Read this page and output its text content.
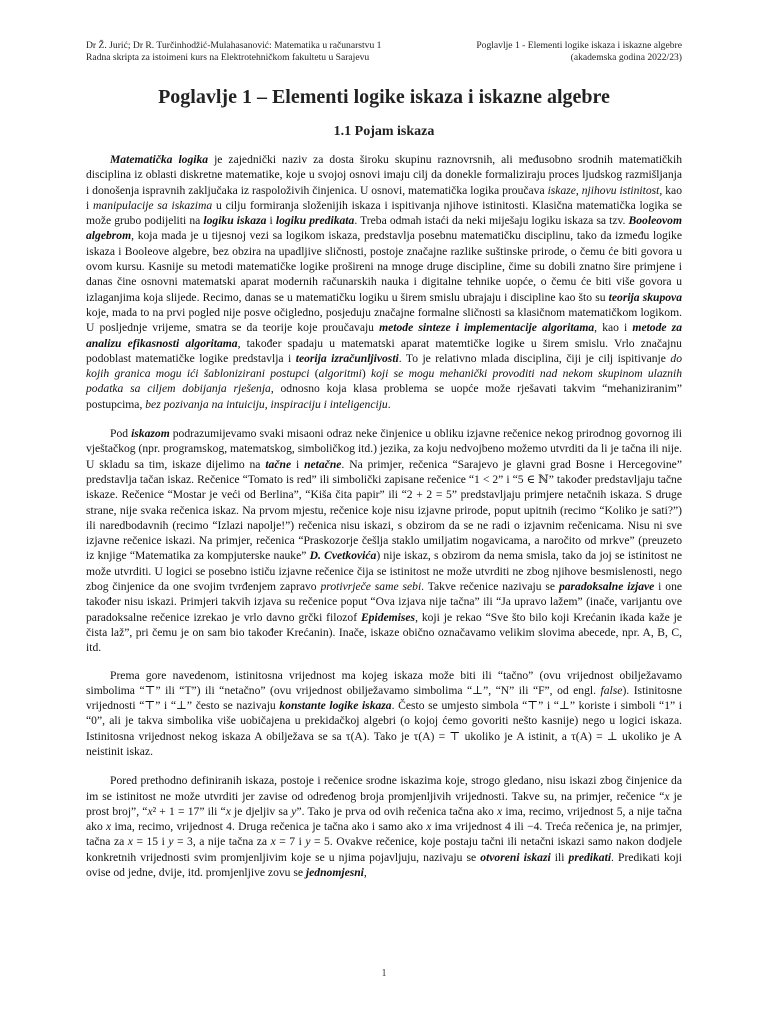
Dr Ž. Jurić; Dr R. Turčinhodžić-Mulahasanović: Matematika u računarstvu 1	Poglavlje 1 - Elementi logike iskaza i iskazne algebre
Radna skripta za istoimeni kurs na Elektrotehničkom fakultetu u Sarajevu	(akademska godina 2022/23)
Poglavlje 1 – Elementi logike iskaza i iskazne algebre
1.1 Pojam iskaza

Matematička logika je zajednički naziv za dosta široku skupinu raznovrsnih, ali međusobno srodnih matematičkih disciplina iz oblasti diskretne matematike, koje u svojoj osnovi imaju cilj da donekle formaliziraju proces ljudskog razmišljanja i donošenja ispravnih zaključaka iz raspoloživih činjenica. U osnovi, matematička logika proučava iskaze, njihovu istinitost, kao i manipulacije sa iskazima u cilju formiranja složenijih iskaza i ispitivanja njihove istinitosti. Klasična matematička logika se može grubo podijeliti na logiku iskaza i logiku predikata. Treba odmah istaći da neki miješaju logiku iskaza sa tzv. Booleovom algebrom, koja mada je u tijesnoj vezi sa logikom iskaza, predstavlja posebnu matematičku disciplinu, tako da između logike iskaza i Booleove algebre, bez obzira na upadljive sličnosti, postoje značajne razlike suštinske prirode, o čemu će biti govora u ovom kursu. Kasnije su metodi matematičke logike prošireni na mnoge druge discipline, čime su dobili znatno šire primjene i danas čine osnovni matematski aparat modernih računarskih nauka i digitalne tehnike uopće, o čemu će biti više govora u izlaganjima koja slijede. Recimo, danas se u matematičku logiku u širem smislu ubrajaju i discipline kao što su teorija skupova koje, mada to na prvi pogled nije posve očigledno, posjeduju značajne formalne sličnosti sa klasičnom matematičkom logikom. U posljednje vrijeme, smatra se da teorije koje proučavaju metode sinteze i implementacije algoritama, kao i metode za analizu efikasnosti algoritama, također spadaju u matematski aparat matemtičke logike u širem smislu. Vrlo značajnu podoblast matematičke logike predstavlja i teorija izračunljivosti. To je relativno mlada disciplina, čiji je cilj ispitivanje do kojih granica mogu ići šablonizirani postupci (algoritmi) koji se mogu mehanički provoditi nad nekom skupinom ulaznih podatka sa ciljem dobijanja rješenja, odnosno koja klasa problema se uopće može rješavati takvim “mehaniziranim” postupcima, bez pozivanja na intuiciju, inspiraciju i inteligenciju.

Pod iskazom podrazumijevamo svaki misaoni odraz neke činjenice u obliku izjavne rečenice nekog prirodnog govornog ili vještačkog (npr. programskog, matematskog, simboličkog itd.) jezika, za koju nedvojbeno možemo utvrditi da li je tačna ili nije. U skladu sa tim, iskaze dijelimo na tačne i netačne. Na primjer, rečenica “Sarajevo je glavni grad Bosne i Hercegovine” predstavlja tačan iskaz. Rečenice “Tomato is red” ili simbolički zapisane rečenice “1 < 2” i “5 ∈ ℕ” također predstavljaju tačne iskaze. Rečenice “Mostar je veći od Berlina”, “Kiša čita papir” ili “2 + 2 = 5” predstavljaju primjere netačnih iskaza. S druge strane, nije svaka rečenica iskaz. Na prvom mjestu, rečenice koje nisu izjavne prirode, poput upitnih (recimo “Koliko je sati?”) ili naredbodavnih (recimo “Izlazi napolje!”) rečenica nisu iskazi, s obzirom da se ne radi o izjavnim rečenicama. Nisu ni sve izjavne rečenice iskazi. Na primjer, rečenica “Praskozorje češlja staklo umiljatim nogavicama, a naročito od mrkve” (preuzeto iz knjige “Matematika za kompjuterske nauke” D. Cvetkovića) nije iskaz, s obzirom da nema smisla, tako da joj se istinitost ne može utvrditi. U logici se posebno ističu izjavne rečenice čija se istinitost ne može utvrditi ne zbog njihove besmislenosti, nego zbog činjenice da one svojim tvrđenjem zapravo protivrječe same sebi. Takve rečenice nazivaju se paradoksalne izjave i one također nisu iskazi. Primjeri takvih izjava su rečenice poput “Ova izjava nije tačna” ili “Ja upravo lažem” (inače, varijantu ove paradoksalne rečenice izrekao je vrlo davno grčki filozof Epidemises, koji je rekao “Sve što bilo koji Krećanin ikada kaže je čista laž”, pri čemu je on sam bio također Krećanin). Inače, iskaze obično označavamo velikim slovima abecede, npr. A, B, C, itd.

Prema gore navedenom, istinitosna vrijednost ma kojeg iskaza može biti ili “tačno” (ovu vrijednost obilježavamo simbolima “⊤” ili “T”) ili “netačno” (ovu vrijednost obilježavamo simbolima “⊥”, “N” ili “F”, od engl. false). Istinitosne vrijednosti “⊤” i “⊥” često se nazivaju konstante logike iskaza. Često se umjesto simbola “⊤” i “⊥” koriste i simboli “1” i “0”, ali je takva simbolika više uobičajena u prekidačkoj algebri (o kojoj ćemo govoriti nešto kasnije) nego u logici iskaza. Istinitosna vrijednost nekog iskaza A obilježava se sa τ(A). Tako je τ(A) = ⊤ ukoliko je A istinit, a τ(A) = ⊥ ukoliko je A neistinit iskaz.

Pored prethodno definiranih iskaza, postoje i rečenice srodne iskazima koje, strogo gledano, nisu iskazi zbog činjenice da im se istinitost ne može utvrditi jer zavise od određenog broja promjenljivih vrijednosti. Takve su, na primjer, rečenice “x je prost broj”, “x² + 1 = 17” ili “x je djeljiv sa y”. Tako je prva od ovih rečenica tačna ako x ima, recimo, vrijednost 5, a nije tačna ako x ima, recimo, vrijednost 4. Druga rečenica je tačna ako i samo ako x ima vrijednost 4 ili −4. Treća rečenica je, na primjer, tačna za x = 15 i y = 3, a nije tačna za x = 7 i y = 5. Ovakve rečenice, koje postaju tačni ili netačni iskazi samo nakon dodjele konkretnih vrijednosti svim promjenljivim koje se u njima pojavljuju, nazivaju se otvoreni iskazi ili predikati. Predikati koji ovise od jedne, dvije, itd. promjenljive zovu se jednomjesni,

1
